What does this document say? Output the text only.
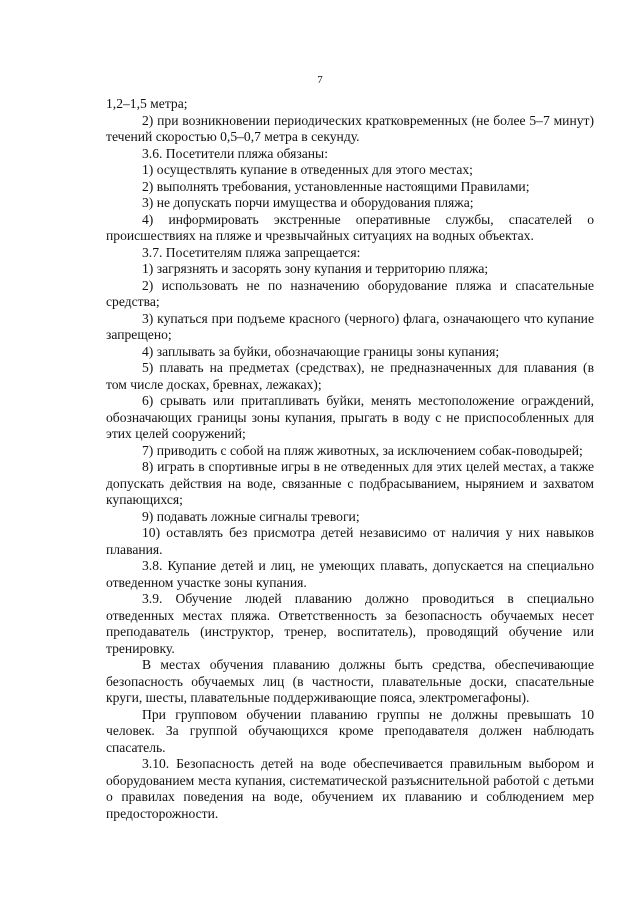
7

1,2–1,5 метра;

2) при возникновении периодических кратковременных (не более 5–7 минут) течений скоростью 0,5–0,7 метра в секунду.

3.6. Посетители пляжа обязаны:

1) осуществлять купание в отведенных для этого местах;

2) выполнять требования, установленные настоящими Правилами;

3) не допускать порчи имущества и оборудования пляжа;

4) информировать экстренные оперативные службы, спасателей о происшествиях на пляже и чрезвычайных ситуациях на водных объектах.

3.7. Посетителям пляжа запрещается:

1) загрязнять и засорять зону купания и территорию пляжа;

2) использовать не по назначению оборудование пляжа и спасательные средства;

3) купаться при подъеме красного (черного) флага, означающего что купание запрещено;

4) заплывать за буйки, обозначающие границы зоны купания;

5) плавать на предметах (средствах), не предназначенных для плавания (в том числе досках, бревнах, лежаках);

6) срывать или притапливать буйки, менять местоположение ограждений, обозначающих границы зоны купания, прыгать в воду с не приспособленных для этих целей сооружений;

7) приводить с собой на пляж животных, за исключением собак-поводырей;

8) играть в спортивные игры в не отведенных для этих целей местах, а также допускать действия на воде, связанные с подбрасыванием, нырянием и захватом купающихся;

9) подавать ложные сигналы тревоги;

10) оставлять без присмотра детей независимо от наличия у них навыков плавания.

3.8. Купание детей и лиц, не умеющих плавать, допускается на специально отведенном участке зоны купания.

3.9. Обучение людей плаванию должно проводиться в специально отведенных местах пляжа. Ответственность за безопасность обучаемых несет преподаватель (инструктор, тренер, воспитатель), проводящий обучение или тренировку.

В местах обучения плаванию должны быть средства, обеспечивающие безопасность обучаемых лиц (в частности, плавательные доски, спасательные круги, шесты, плавательные поддерживающие пояса, электромегафоны).

При групповом обучении плаванию группы не должны превышать 10 человек. За группой обучающихся кроме преподавателя должен наблюдать спасатель.

3.10. Безопасность детей на воде обеспечивается правильным выбором и оборудованием места купания, систематической разъяснительной работой с детьми о правилах поведения на воде, обучением их плаванию и соблюдением мер предосторожности.
